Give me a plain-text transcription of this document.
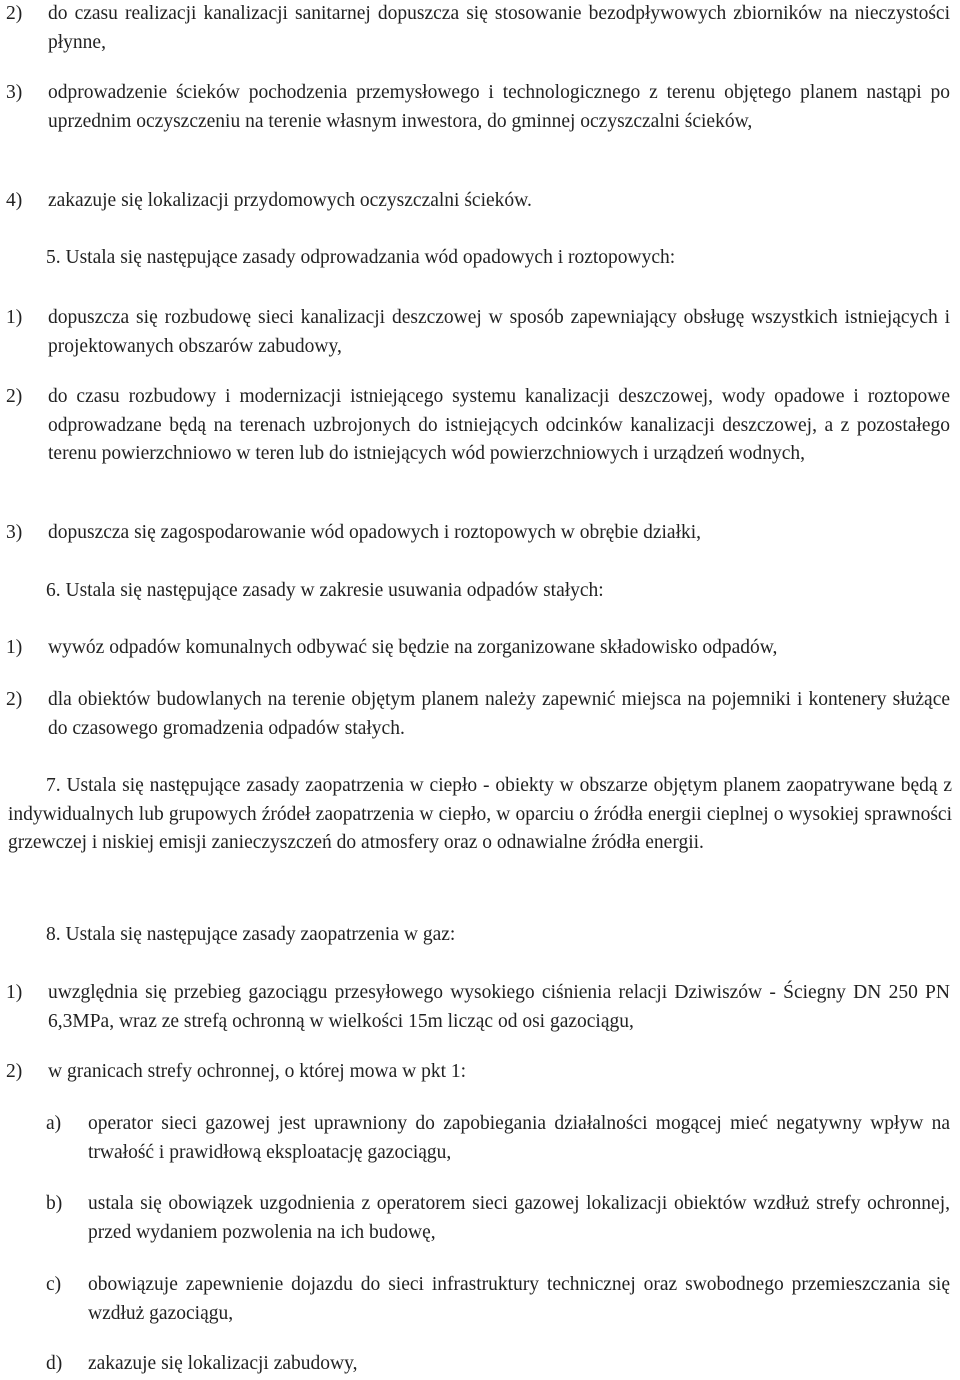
2) do czasu realizacji kanalizacji sanitarnej dopuszcza się stosowanie bezodpływowych zbiorników na nieczystości płynne,
3) odprowadzenie ścieków pochodzenia przemysłowego i technologicznego z terenu objętego planem nastąpi po uprzednim oczyszczeniu na terenie własnym inwestora, do gminnej oczyszczalni ścieków,
4) zakazuje się lokalizacji przydomowych oczyszczalni ścieków.
5. Ustala się następujące zasady odprowadzania wód opadowych i roztopowych:
1) dopuszcza się rozbudowę sieci kanalizacji deszczowej w sposób zapewniający obsługę wszystkich istniejących i projektowanych obszarów zabudowy,
2) do czasu rozbudowy i modernizacji istniejącego systemu kanalizacji deszczowej, wody opadowe i roztopowe odprowadzane będą na terenach uzbrojonych do istniejących odcinków kanalizacji deszczowej, a z pozostałego terenu powierzchniowo w teren lub do istniejących wód powierzchniowych i urządzeń wodnych,
3) dopuszcza się zagospodarowanie wód opadowych i roztopowych w obrębie działki,
6. Ustala się następujące zasady w zakresie usuwania odpadów stałych:
1) wywóz odpadów komunalnych odbywać się będzie na zorganizowane składowisko odpadów,
2) dla obiektów budowlanych na terenie objętym planem należy zapewnić miejsca na pojemniki i kontenery służące do czasowego gromadzenia odpadów stałych.
7. Ustala się następujące zasady zaopatrzenia w ciepło - obiekty w obszarze objętym planem zaopatrywane będą z indywidualnych lub grupowych źródeł zaopatrzenia w ciepło, w oparciu o źródła energii cieplnej o wysokiej sprawności grzewczej i niskiej emisji zanieczyszczeń do atmosfery oraz o odnawialne źródła energii.
8. Ustala się następujące zasady zaopatrzenia w gaz:
1) uwzględnia się przebieg gazociągu przesyłowego wysokiego ciśnienia relacji Dziwiszów - Ściegny DN 250 PN 6,3MPa, wraz ze strefą ochronną w wielkości 15m licząc od osi gazociągu,
2) w granicach strefy ochronnej, o której mowa w pkt 1:
a) operator sieci gazowej jest uprawniony do zapobiegania działalności mogącej mieć negatywny wpływ na trwałość i prawidłową eksploatację gazociągu,
b) ustala się obowiązek uzgodnienia z operatorem sieci gazowej lokalizacji obiektów wzdłuż strefy ochronnej, przed wydaniem pozwolenia na ich budowę,
c) obowiązuje zapewnienie dojazdu do sieci infrastruktury technicznej oraz swobodnego przemieszczania się wzdłuż gazociągu,
d) zakazuje się lokalizacji zabudowy,
